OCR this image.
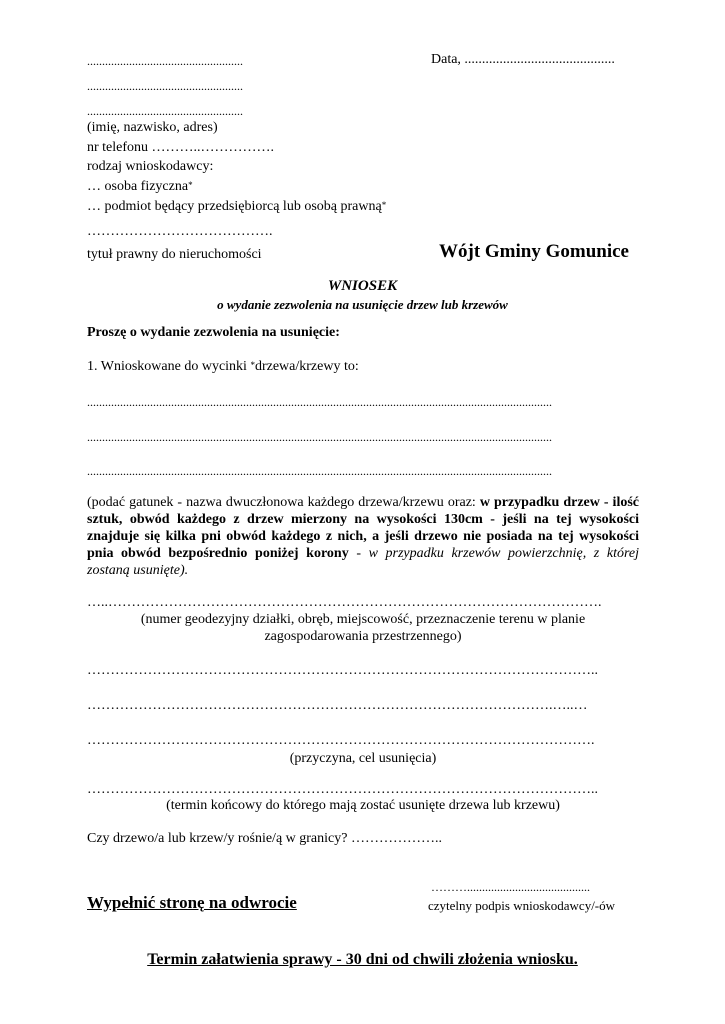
....................................................	Data, ...........................................
....................................................
....................................................
(imię, nazwisko, adres)
nr telefonu ………..…………….
rodzaj wnioskodawcy:
… osoba fizyczna*
… podmiot będący przedsiębiorcą lub osobą prawną*
………………………………….
tytuł prawny do nieruchomości	Wójt Gminy Gomunice
WNIOSEK
o wydanie zezwolenia na usunięcie drzew lub krzewów
Proszę o wydanie zezwolenia na usunięcie:
1. Wnioskowane do wycinki *drzewa/krzewy to:
...........................................................................................................................................................
...........................................................................................................................................................
...........................................................................................................................................................
(podać gatunek - nazwa dwuczłonowa każdego drzewa/krzewu oraz: w przypadku drzew - ilość sztuk, obwód każdego z drzew mierzony na wysokości 130cm - jeśli na tej wysokości znajduje się kilka pni obwód każdego z nich, a jeśli drzewo nie posiada na tej wysokości pnia obwód bezpośrednio poniżej korony - w przypadku krzewów powierzchnię, z której zostaną usunięte).
…..…………………………………………………………………………………………….
(numer geodezyjny działki, obręb, miejscowość, przeznaczenie terenu w planie
zagospodarowania przestrzennego)
………………………………………………………………………………………………..
……………………………………………………………………………………….…..…
……………………………………………………………………………………………….
(przyczyna, cel usunięcia)
………………………………………………………………………………………………..
(termin końcowy do którego mają zostać usunięte drzewa lub krzewu)
Czy drzewo/a lub krzew/y rośnie/ą w granicy? ………………..
……….........................................
Wypełnić stronę na odwrocie	czytelny podpis wnioskodawcy/-ów
Termin załatwienia sprawy - 30 dni od chwili złożenia wniosku.
